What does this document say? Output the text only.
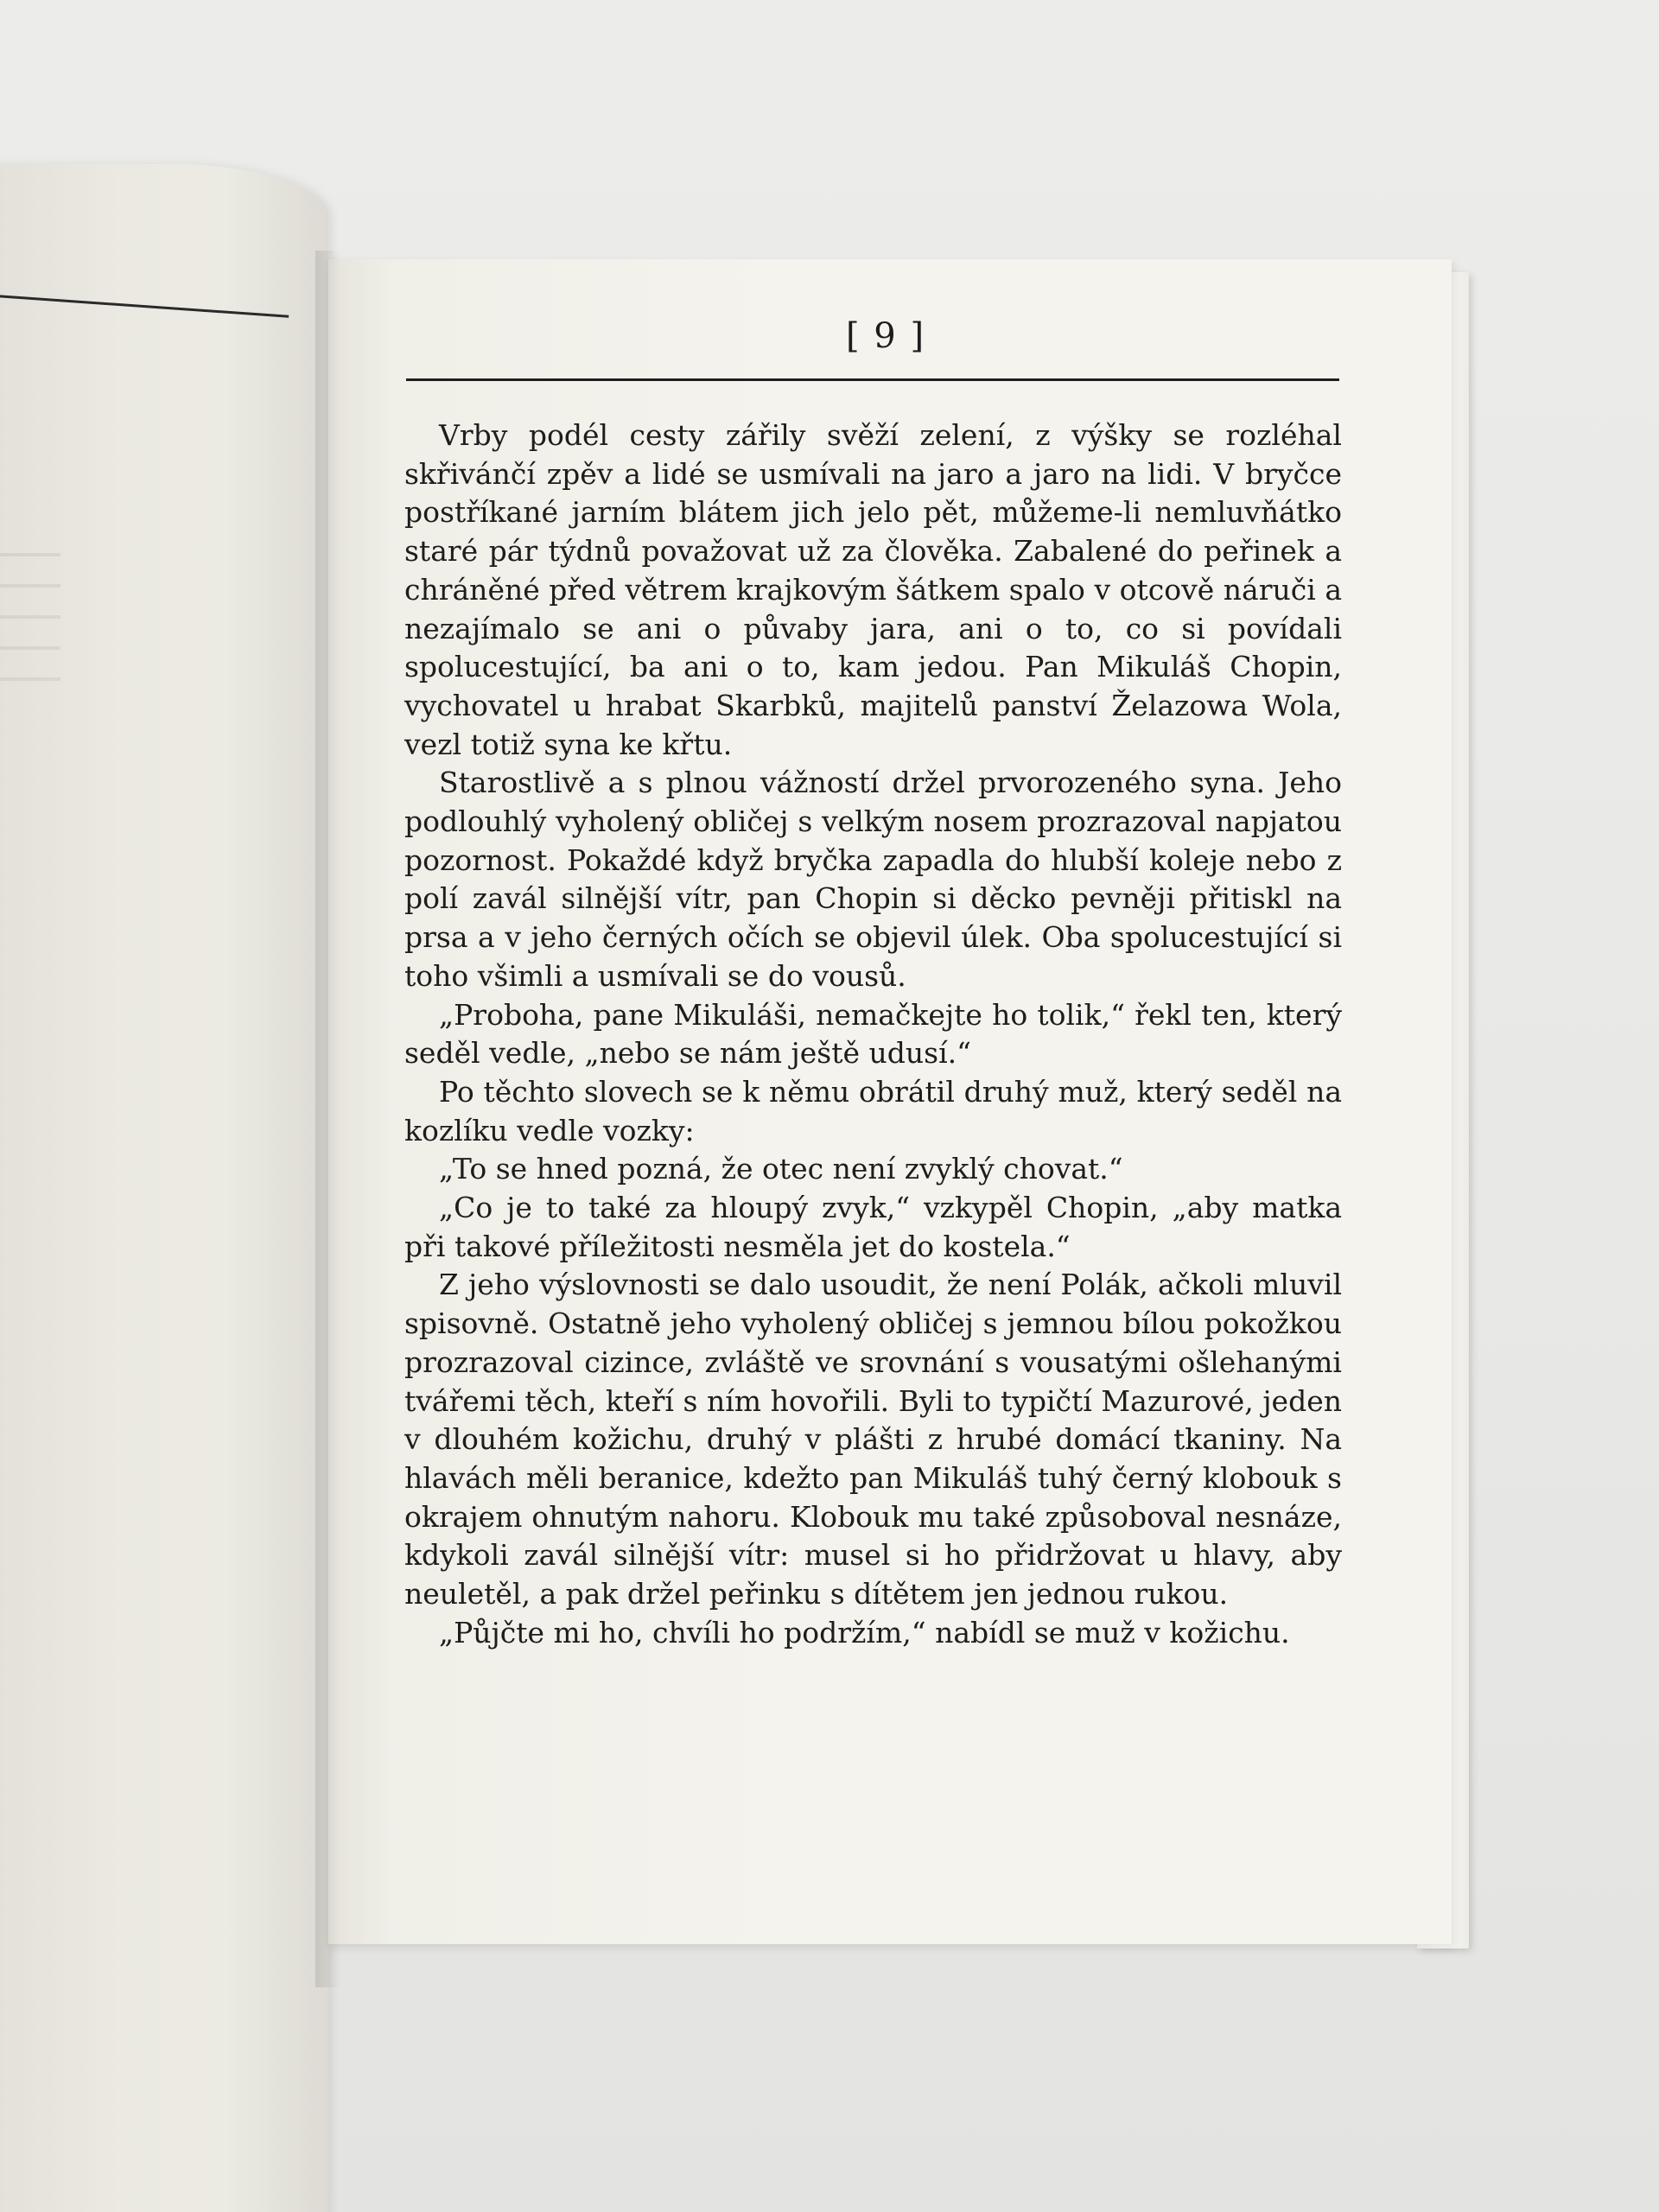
[ 9 ]

Vrby podél cesty zářily svěží zelení, z výšky se rozléhal skřivánčí zpěv a lidé se usmívali na jaro a jaro na lidi. V bryčce postříkané jarním blátem jich jelo pět, můžeme-li nemluvňátko staré pár týdnů považovat už za člověka. Zabalené do peřinek a chráněné před větrem krajkovým šátkem spalo v otcově náruči a nezajímalo se ani o půvaby jara, ani o to, co si povídali spolucestující, ba ani o to, kam jedou. Pan Mikuláš Chopin, vychovatel u hrabat Skarbků, majitelů panství Želazowa Wola, vezl totiž syna ke křtu.

Starostlivě a s plnou vážností držel prvorozeného syna. Jeho podlouhlý vyholený obličej s velkým nosem prozrazoval napjatou pozornost. Pokaždé když bryčka zapadla do hlubší koleje nebo z polí zavál silnější vítr, pan Chopin si děcko pevněji přitiskl na prsa a v jeho černých očích se objevil úlek. Oba spolucestující si toho všimli a usmívali se do vousů.

„Proboha, pane Mikuláši, nemačkejte ho tolik,“ řekl ten, který seděl vedle, „nebo se nám ještě udusí.“

Po těchto slovech se k němu obrátil druhý muž, který seděl na kozlíku vedle vozky:

„To se hned pozná, že otec není zvyklý chovat.“

„Co je to také za hloupý zvyk,“ vzkypěl Chopin, „aby matka při takové příležitosti nesměla jet do kostela.“

Z jeho výslovnosti se dalo usoudit, že není Polák, ačkoli mluvil spisovně. Ostatně jeho vyholený obličej s jemnou bílou pokožkou prozrazoval cizince, zvláště ve srovnání s vousatými ošlehanými tvářemi těch, kteří s ním hovořili. Byli to typičtí Mazurové, jeden v dlouhém kožichu, druhý v plášti z hrubé domácí tkaniny. Na hlavách měli beranice, kdežto pan Mikuláš tuhý černý klobouk s okrajem ohnutým nahoru. Klobouk mu také způsoboval nesnáze, kdykoli zavál silnější vítr: musel si ho přidržovat u hlavy, aby neuletěl, a pak držel peřinku s dítětem jen jednou rukou.

„Půjčte mi ho, chvíli ho podržím,“ nabídl se muž v kožichu.
